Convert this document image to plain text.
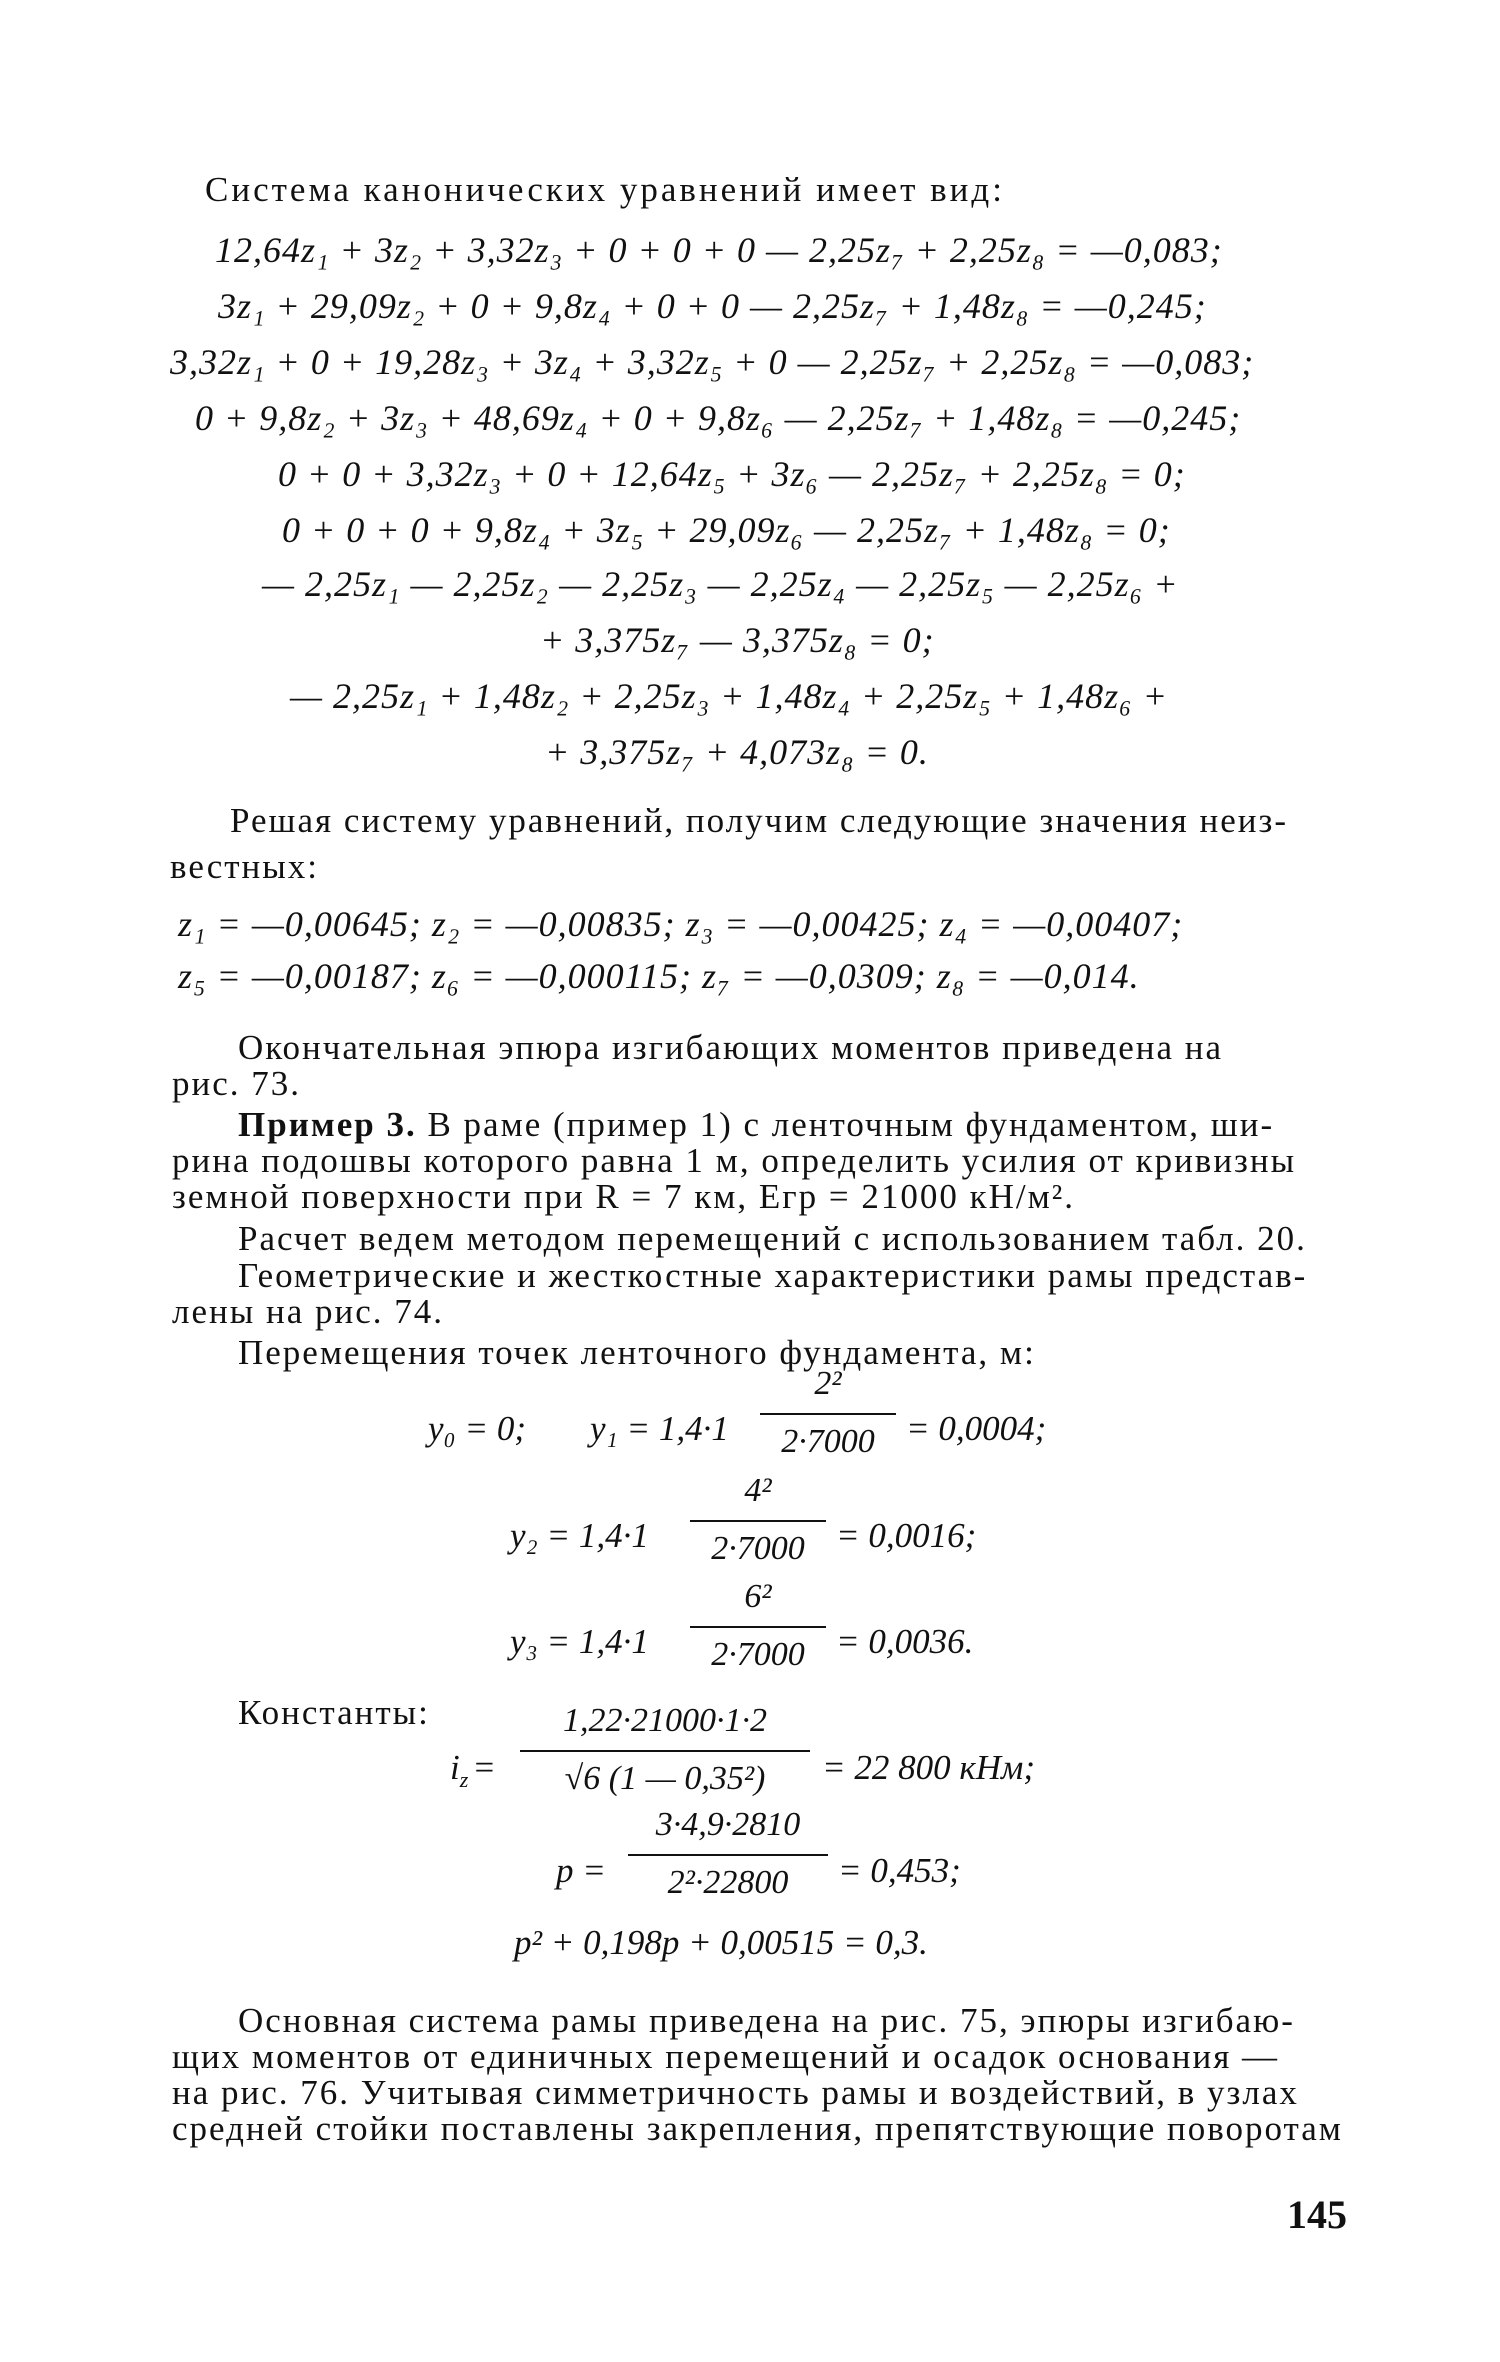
Система канонических уравнений имеет вид:
12,64z₁ + 3z₂ + 3,32z₃ + 0 + 0 + 0 — 2,25z₇ + 2,25z₈ = —0,083;
3z₁ + 29,09z₂ + 0 + 9,8z₄ + 0 + 0 — 2,25z₇ + 1,48z₈ = —0,245;
3,32z₁ + 0 + 19,28z₃ + 3z₄ + 3,32z₅ + 0 — 2,25z₇ + 2,25z₈ = —0,083;
0 + 9,8z₂ + 3z₃ + 48,69z₄ + 0 + 9,8z₆ — 2,25z₇ + 1,48z₈ = —0,245;
0 + 0 + 3,32z₃ + 0 + 12,64z₅ + 3z₆ — 2,25z₇ + 2,25z₈ = 0;
0 + 0 + 0 + 9,8z₄ + 3z₅ + 29,09z₆ — 2,25z₇ + 1,48z₈ = 0;
— 2,25z₁ — 2,25z₂ — 2,25z₃ — 2,25z₄ — 2,25z₅ — 2,25z₆ +
+ 3,375z₇ — 3,375z₈ = 0;
— 2,25z₁ + 1,48z₂ + 2,25z₃ + 1,48z₄ + 2,25z₅ + 1,48z₆ +
+ 3,375z₇ + 4,073z₈ = 0.
Решая систему уравнений, получим следующие значения неиз-
вестных:
z₁ = —0,00645; z₂ = —0,00835; z₃ = —0,00425; z₄ = —0,00407;
z₅ = —0,00187; z₆ = —0,000115; z₇ = —0,0309; z₈ = —0,014.
Окончательная эпюра изгибающих моментов приведена на
рис. 73.
Пример 3. В раме (пример 1) с ленточным фундаментом, ши-
рина подошвы которого равна 1 м, определить усилия от кривизны
земной поверхности при R = 7 км, Eгр = 21000 кН/м².
Расчет ведем методом перемещений с использованием табл. 20.
Геометрические и жесткостные характеристики рамы представ-
лены на рис. 74.
Перемещения точек ленточного фундамента, м:
y₀ = 0; y₁ = 1,4·1
2²
2·7000 = 0,0004;
y₂ = 1,4·1
4²
2·7000 = 0,0016;
y₃ = 1,4·1
6²
2·7000 = 0,0036.
Константы:
$i_z$ =
1,22·21000·1·2
√6 (1 — 0,35²)	= 22 800 кНм;
p =
3·4,9·2810
2²·22800	= 0,453;
p² + 0,198p + 0,00515 = 0,3.
Основная система рамы приведена на рис. 75, эпюры изгибаю-
щих моментов от единичных перемещений и осадок основания —
на рис. 76. Учитывая симметричность рамы и воздействий, в узлах
средней стойки поставлены закрепления, препятствующие поворотам
145
